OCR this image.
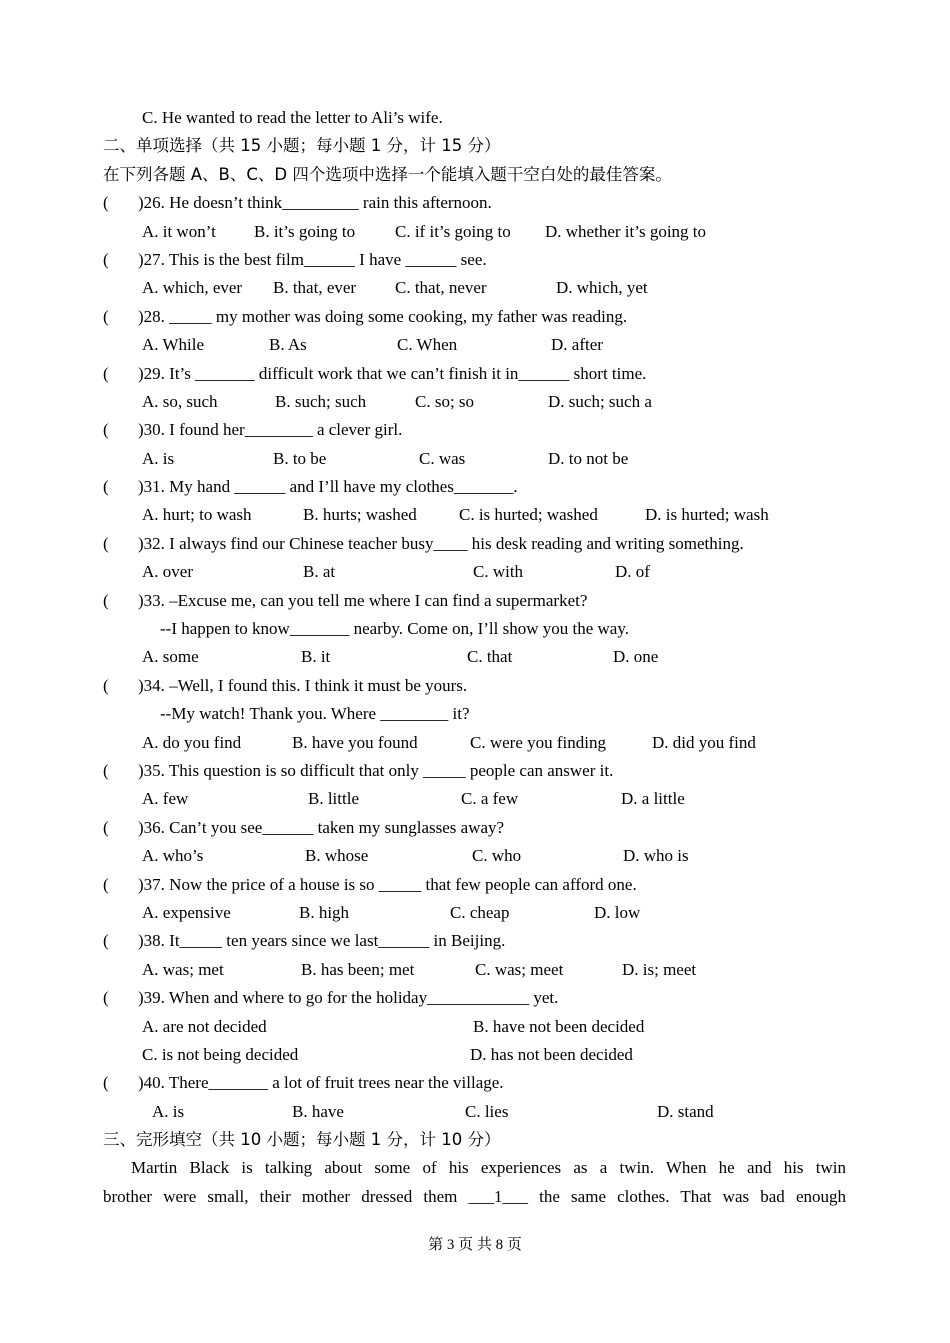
C. He wanted to read the letter to Ali’s wife.
二、单项选择（共 15 小题；每小题 1 分，计 15 分）
在下列各题 A、B、C、D 四个选项中选择一个能填入题干空白处的最佳答案。
( )26. He doesn’t think_________ rain this afternoon.
A. it won’t B. it’s going to C. if it’s going to D. whether it’s going to
( )27. This is the best film______ I have ______ see.
A. which, ever B. that, ever C. that, never	D. which, yet
( )28. _____ my mother was doing some cooking, my father was reading.
A. While	B. As	C. When	D. after
( )29. It’s _______ difficult work that we can’t finish it in______ short time.
A. so, such	B. such; such	C. so; so	D. such; such a
( )30. I found her________ a clever girl.
A. is	B. to be	C. was	D. to not be
( )31. My hand ______ and I’ll have my clothes_______.
A. hurt; to wash	B. hurts; washed C. is hurted; washed	D. is hurted; wash
( )32. I always find our Chinese teacher busy____ his desk reading and writing something.
A. over	B. at	C. with	D. of
( )33. –Excuse me, can you tell me where I can find a supermarket?
--I happen to know_______ nearby. Come on, I’ll show you the way.
A. some	B. it	C. that	D. one
( )34. –Well, I found this. I think it must be yours.
--My watch! Thank you. Where ________ it?
A. do you find	B. have you found	C. were you finding	D. did you find
( )35. This question is so difficult that only _____ people can answer it.
A. few	B. little	C. a few	D. a little
( )36. Can’t you see______ taken my sunglasses away?
A. who’s	B. whose	C. who	D. who is
( )37. Now the price of a house is so _____ that few people can afford one.
A. expensive	B. high	C. cheap	D. low
( )38. It_____ ten years since we last______ in Beijing.
A. was; met	B. has been; met	C. was; meet	D. is; meet
( )39. When and where to go for the holiday____________ yet.
A. are not decided	B. have not been decided
C. is not being decided	D. has not been decided
( )40. There_______ a lot of fruit trees near the village.
A. is	B. have	C. lies	D. stand
三、完形填空（共 10 小题；每小题 1 分，计 10 分）
Martin Black is talking about some of his experiences as a twin. When he and his twin
brother were small, their mother dressed them ___1___ the same clothes. That was bad enough
第 3 页 共 8 页
